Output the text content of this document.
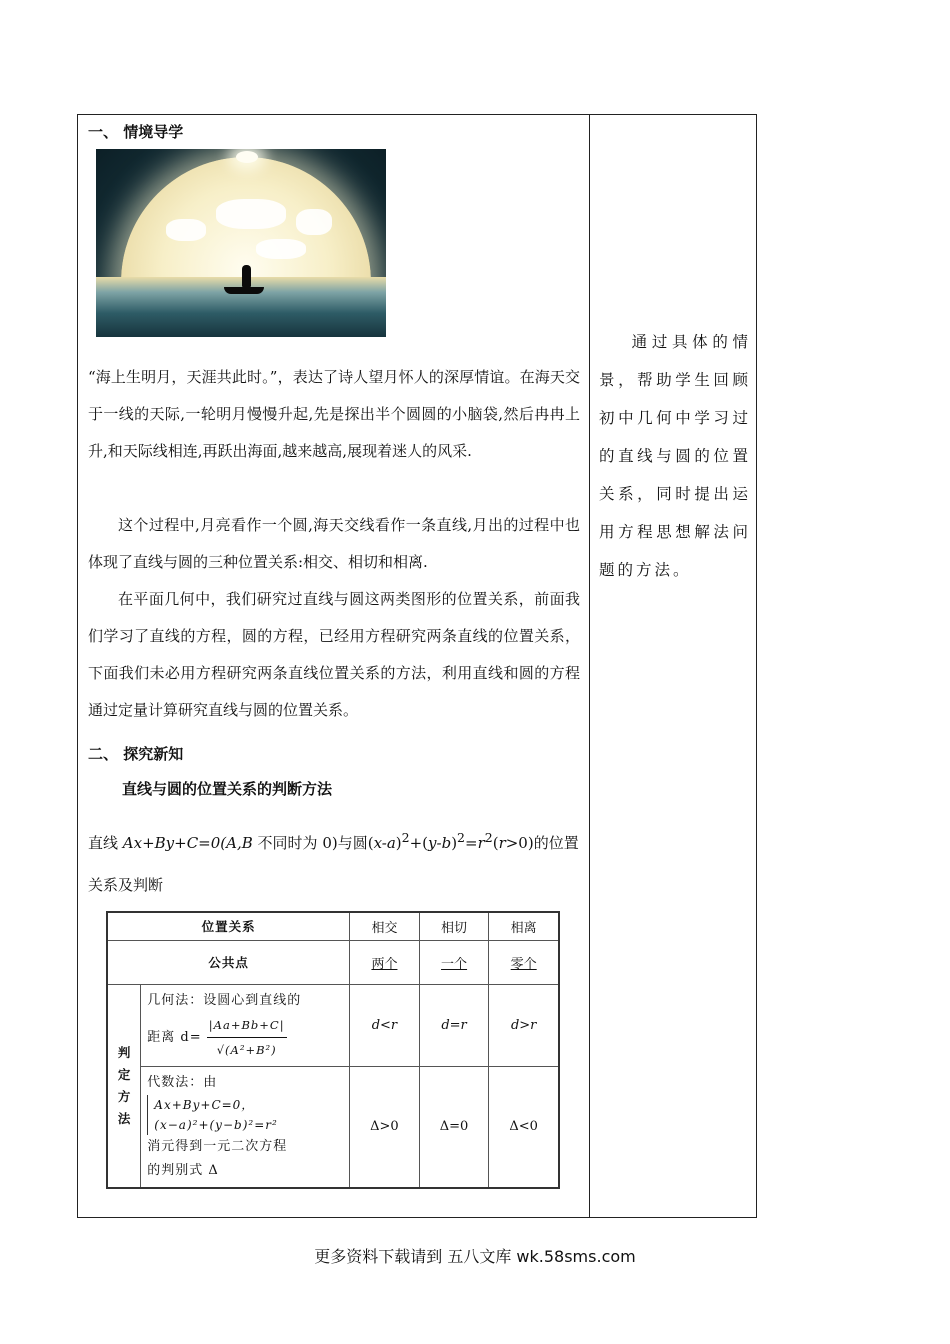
一、 情境导学
“海上生明月，天涯共此时。”，表达了诗人望月怀人的深厚情谊。在海天交于一线的天际,一轮明月慢慢升起,先是探出半个圆圆的小脑袋,然后冉冉上升,和天际线相连,再跃出海面,越来越高,展现着迷人的风采.
这个过程中,月亮看作一个圆,海天交线看作一条直线,月出的过程中也体现了直线与圆的三种位置关系:相交、相切和相离.
在平面几何中，我们研究过直线与圆这两类图形的位置关系，前面我们学习了直线的方程，圆的方程，已经用方程研究两条直线的位置关系，下面我们未必用方程研究两条直线位置关系的方法，利用直线和圆的方程通过定量计算研究直线与圆的位置关系。
二、 探究新知
直线与圆的位置关系的判断方法
直线 Ax+By+C=0(A,B 不同时为 0)与圆$(x-a)^2+(y-b)^2=r^2(r>0)$的位置
关系及判断
位置关系		相交	相切	相离
公共点		两个	一个	零个

判定方法	几何法：设圆心到直线的
距离 $d= \frac{|Aa+Bb+C|}{\text{√(A²+B²)}}$	d<r	d=r	d>r

	代数法：由
Ax+By+C=0，
(x−a)²+(y−b)²=r²
消元得到一元二次方程
的判别式 Δ	Δ>0	Δ=0	Δ<0
通过具体的情景，帮助学生回顾初中几何中学习过的直线与圆的位置关系，同时提出运用方程思想解法问题的方法。
更多资料下载请到 五八文库 wk.58sms.com
